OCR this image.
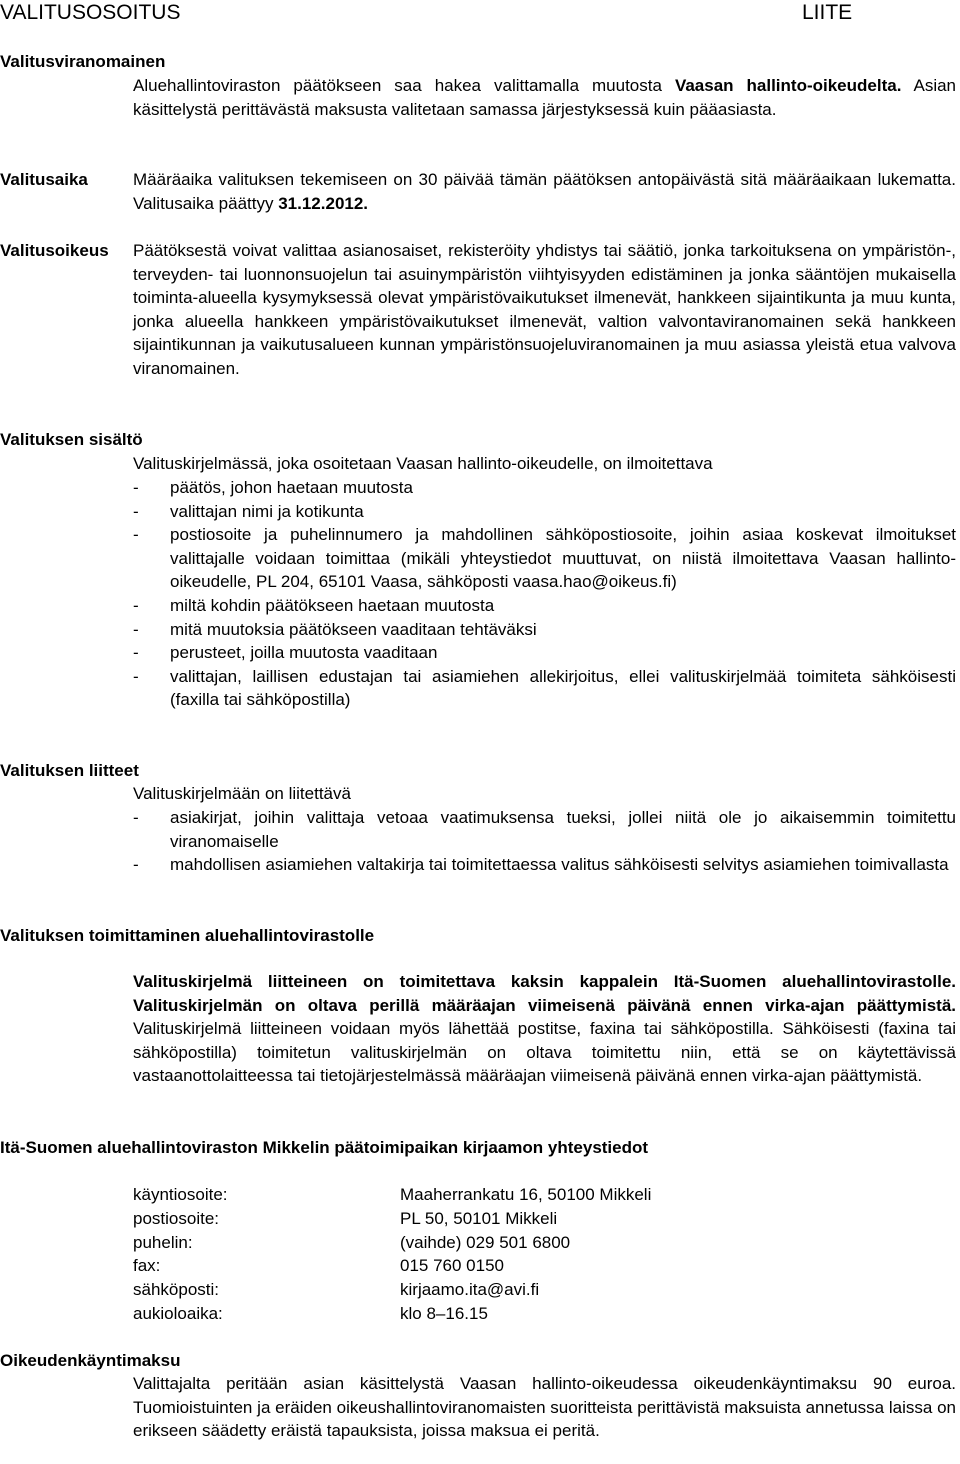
VALITUSOSOITUS	LIITE
Valitusviranomainen
Aluehallintoviraston päätökseen saa hakea valittamalla muutosta Vaasan hallinto-oikeudelta. Asian käsittelystä perittävästä maksusta valitetaan samassa järjestyksessä kuin pääasiasta.
Valitusaika	Määräaika valituksen tekemiseen on 30 päivää tämän päätöksen antopäivästä sitä määräaikaan lukematta. Valitusaika päättyy 31.12.2012.
Valitusoikeus Päätöksestä voivat valittaa asianosaiset, rekisteröity yhdistys tai säätiö, jonka tarkoituksena on ympäristön-, terveyden- tai luonnonsuojelun tai asuinympäristön viihtyisyyden edistäminen ja jonka sääntöjen mukaisella toiminta-alueella kysymyksessä olevat ympäristövaikutukset ilmenevät, hankkeen sijaintikunta ja muu kunta, jonka alueella hankkeen ympäristövaikutukset ilmenevät, valtion valvontaviranomainen sekä hankkeen sijaintikunnan ja vaikutusalueen kunnan ympäristönsuojeluviranomainen ja muu asiassa yleistä etua valvova viranomainen.
Valituksen sisältö
Valituskirjelmässä, joka osoitetaan Vaasan hallinto-oikeudelle, on ilmoitettava
- päätös, johon haetaan muutosta
- valittajan nimi ja kotikunta
- postiosoite ja puhelinnumero ja mahdollinen sähköpostiosoite, joihin asiaa koskevat ilmoitukset valittajalle voidaan toimittaa (mikäli yhteystiedot muuttuvat, on niistä ilmoitettava Vaasan hallinto-oikeudelle, PL 204, 65101 Vaasa, sähköposti vaasa.hao@oikeus.fi)
- miltä kohdin päätökseen haetaan muutosta
- mitä muutoksia päätökseen vaaditaan tehtäväksi
- perusteet, joilla muutosta vaaditaan
- valittajan, laillisen edustajan tai asiamiehen allekirjoitus, ellei valituskirjelmää toimiteta sähköisesti (faxilla tai sähköpostilla)
Valituksen liitteet
Valituskirjelmään on liitettävä
- asiakirjat, joihin valittaja vetoaa vaatimuksensa tueksi, jollei niitä ole jo aikaisemmin toimitettu viranomaiselle
- mahdollisen asiamiehen valtakirja tai toimitettaessa valitus sähköisesti selvitys asiamiehen toimivallasta
Valituksen toimittaminen aluehallintovirastolle
Valituskirjelmä liitteineen on toimitettava kaksin kappalein Itä-Suomen aluehallintovirastolle. Valituskirjelmän on oltava perillä määräajan viimeisenä päivänä ennen virka-ajan päättymistä. Valituskirjelmä liitteineen voidaan myös lähettää postitse, faxina tai sähköpostilla. Sähköisesti (faxina tai sähköpostilla) toimitetun valituskirjelmän on oltava toimitettu niin, että se on käytettävissä vastaanottolaitteessa tai tietojärjestelmässä määräajan viimeisenä päivänä ennen virka-ajan päättymistä.
Itä-Suomen aluehallintoviraston Mikkelin päätoimipaikan kirjaamon yhteystiedot
käyntiosoite:	Maaherrankatu 16, 50100 Mikkeli
postiosoite:	PL 50, 50101 Mikkeli
puhelin:	(vaihde) 029 501 6800
fax:	015 760 0150
sähköposti:	kirjaamo.ita@avi.fi
aukioloaika:	klo 8–16.15
Oikeudenkäyntimaksu
Valittajalta peritään asian käsittelystä Vaasan hallinto-oikeudessa oikeudenkäyntimaksu 90 euroa. Tuomioistuinten ja eräiden oikeushallintoviranomaisten suoritteista perittävistä maksuista annetussa laissa on erikseen säädetty eräistä tapauksista, joissa maksua ei peritä.
